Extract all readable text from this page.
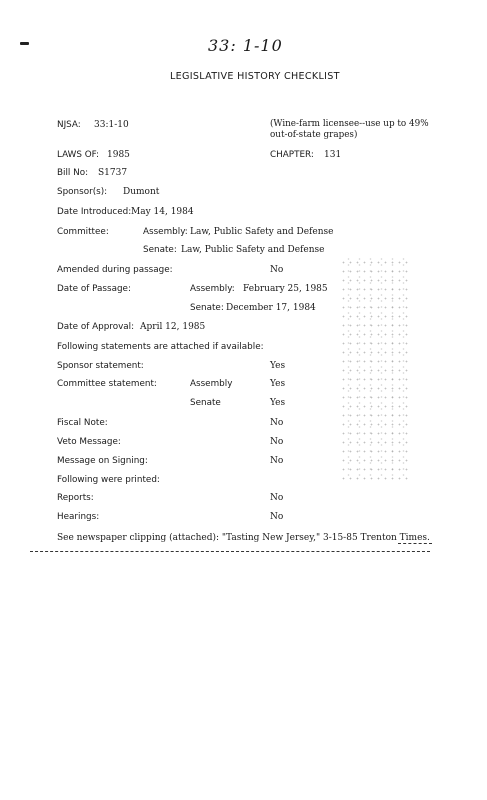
33: 1-10
LEGISLATIVE HISTORY CHECKLIST
NJSA: 33:1-10	(Wine-farm licensee--use up to 49% out-of-state grapes)
LAWS OF: 1985	CHAPTER: 131
Bill No: S1737
Sponsor(s): Dumont
Date Introduced: May 14, 1984
Committee:	Assembly: Law, Public Safety and Defense
Senate: Law, Public Safety and Defense
Amended during passage:	No
Date of Passage:	Assembly: February 25, 1985
Senate: December 17, 1984
Date of Approval: April 12, 1985
Following statements are attached if available:
Sponsor statement:	Yes
Committee statement:	Assembly	Yes
Senate	Yes
Fiscal Note:	No
Veto Message:	No
Message on Signing:	No
Following were printed:
Reports:	No
Hearings:	No
See newspaper clipping (attached): "Tasting New Jersey," 3-15-85 Trenton Times.
